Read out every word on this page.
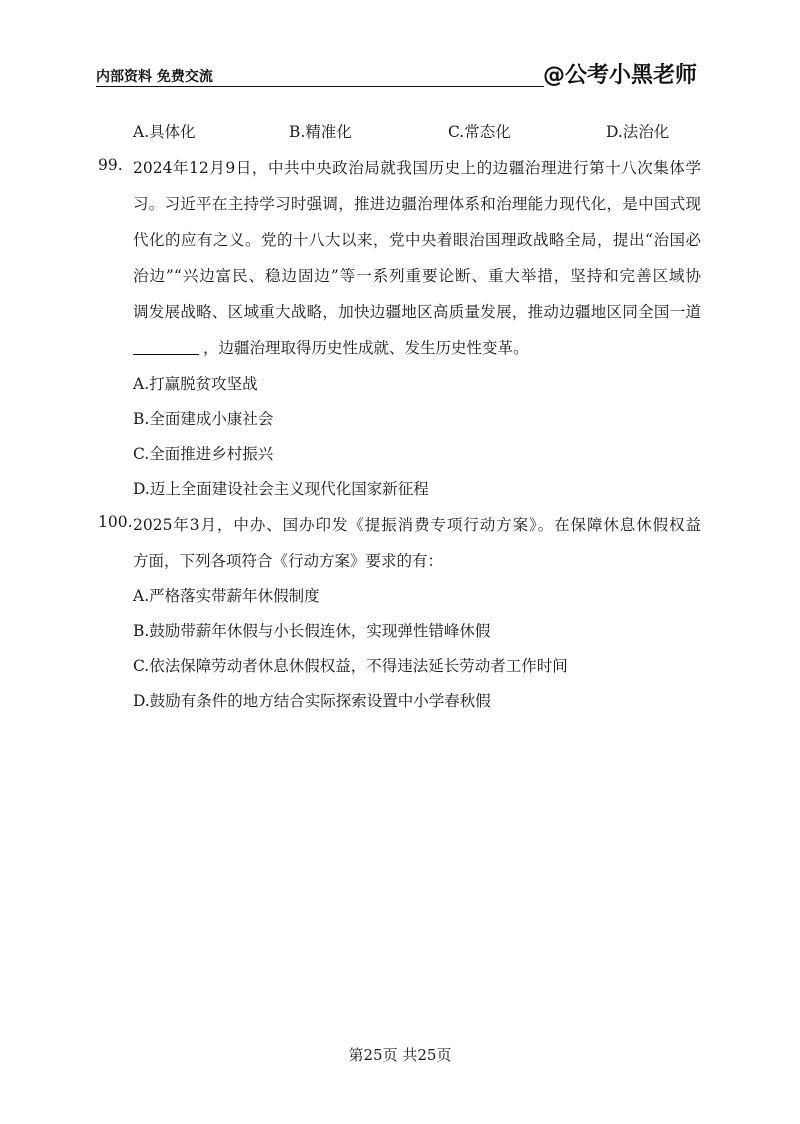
内部资料 免费交流	@公考小黑老师
A.具体化	B.精准化	C.常态化	D.法治化
99. 2024年12月9日，中共中央政治局就我国历史上的边疆治理进行第十八次集体学
习。习近平在主持学习时强调，推进边疆治理体系和治理能力现代化，是中国式现
代化的应有之义。党的十八大以来，党中央着眼治国理政战略全局，提出“治国必
治边”“兴边富民、稳边固边”等一系列重要论断、重大举措，坚持和完善区域协
调发展战略、区域重大战略，加快边疆地区高质量发展，推动边疆地区同全国一道
，边疆治理取得历史性成就、发生历史性变革。
A.打赢脱贫攻坚战
B.全面建成小康社会
C.全面推进乡村振兴
D.迈上全面建设社会主义现代化国家新征程
100. 2025年3月，中办、国办印发《提振消费专项行动方案》。在保障休息休假权益
方面，下列各项符合《行动方案》要求的有：
A.严格落实带薪年休假制度
B.鼓励带薪年休假与小长假连休，实现弹性错峰休假
C.依法保障劳动者休息休假权益，不得违法延长劳动者工作时间
D.鼓励有条件的地方结合实际探索设置中小学春秋假
第25页 共25页
